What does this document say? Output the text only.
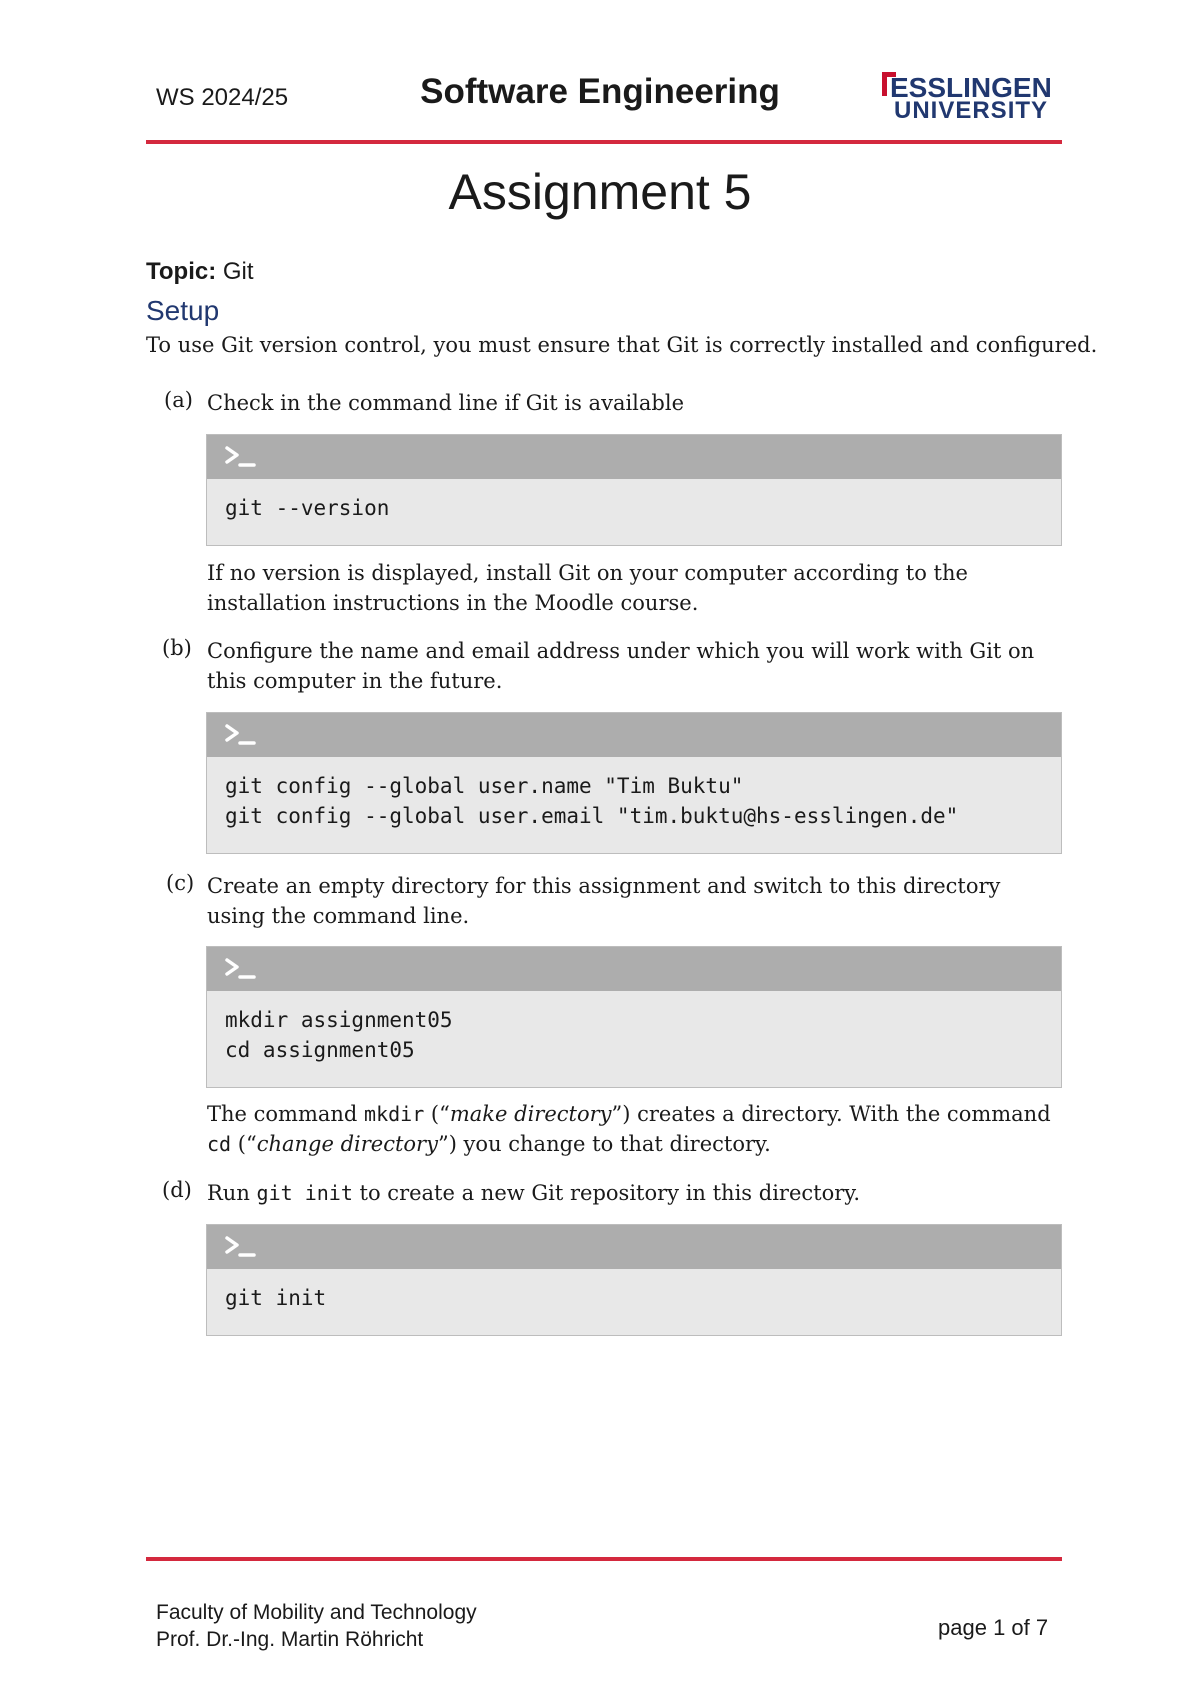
WS 2024/25	Software Engineering	ESSLINGEN
UNIVERSITY
Assignment 5
Topic: Git
Setup
To use Git version control, you must ensure that Git is correctly installed and configured.
(a) Check in the command line if Git is available
git --version
If no version is displayed, install Git on your computer according to the installation instructions in the Moodle course.
(b) Configure the name and email address under which you will work with Git on this computer in the future.
git config --global user.name "Tim Buktu"
git config --global user.email "tim.buktu@hs-esslingen.de"
(c) Create an empty directory for this assignment and switch to this directory using the command line.
mkdir assignment05
cd assignment05
The command mkdir (“make directory”) creates a directory. With the command cd (“change directory”) you change to that directory.
(d) Run git init to create a new Git repository in this directory.
git init
Faculty of Mobility and Technology
Prof. Dr.-Ing. Martin Röhricht	page 1 of 7
